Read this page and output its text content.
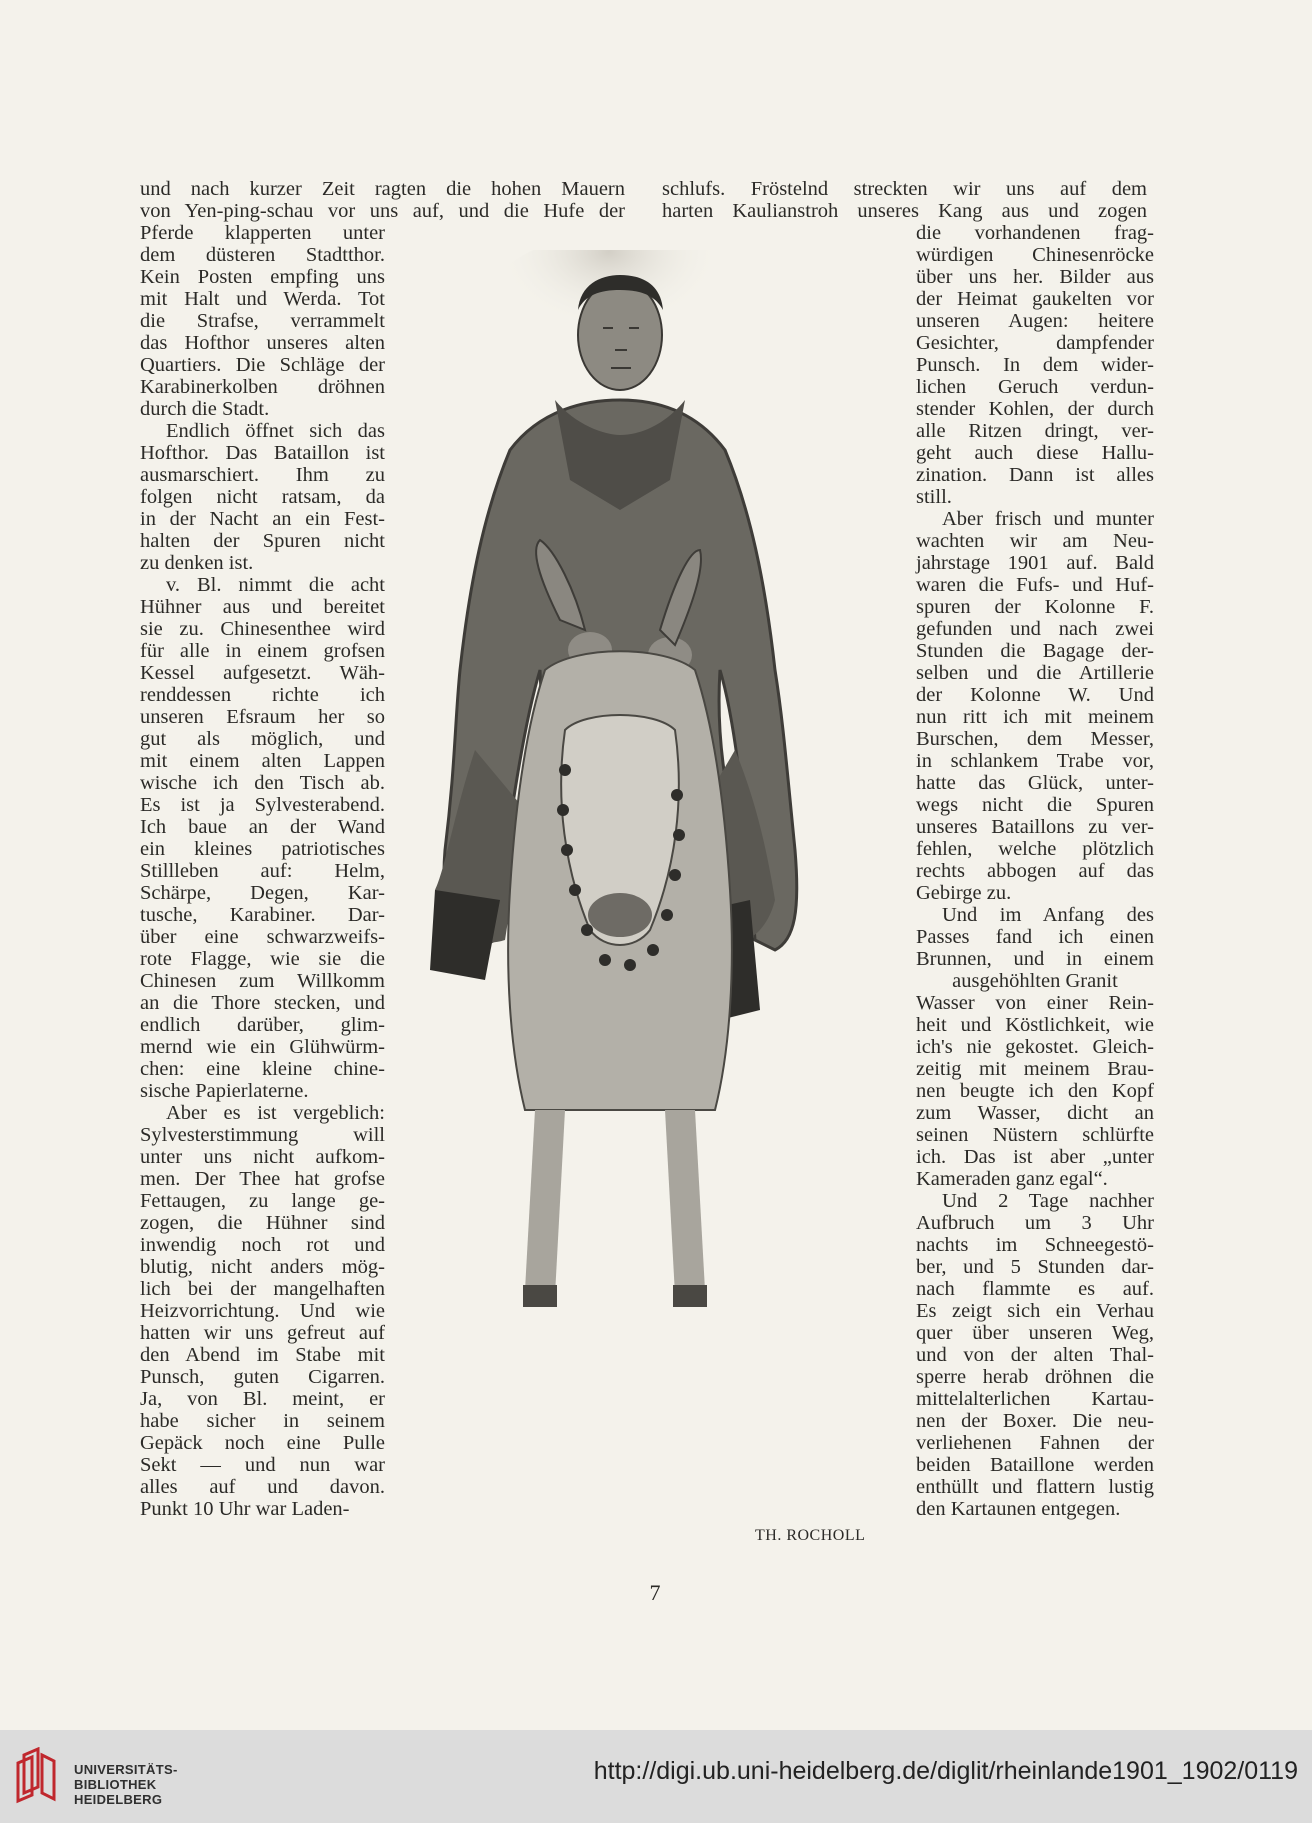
und nach kurzer Zeit ragten die hohen Mauern
von Yen-ping-schau vor uns auf, und die Hufe der
Pferde klapperten unter
dem düsteren Stadtthor.
Kein Posten empfing uns
mit Halt und Werda. Tot
die Strafse, verrammelt
das Hofthor unseres alten
Quartiers. Die Schläge der
Karabinerkolben dröhnen
durch die Stadt.
Endlich öffnet sich das
Hofthor. Das Bataillon ist
ausmarschiert. Ihm zu
folgen nicht ratsam, da
in der Nacht an ein Fest-
halten der Spuren nicht
zu denken ist.
v. Bl. nimmt die acht
Hühner aus und bereitet
sie zu. Chinesenthee wird
für alle in einem grofsen
Kessel aufgesetzt. Wäh-
renddessen richte ich
unseren Efsraum her so
gut als möglich, und
mit einem alten Lappen
wische ich den Tisch ab.
Es ist ja Sylvesterabend.
Ich baue an der Wand
ein kleines patriotisches
Stillleben auf: Helm,
Schärpe, Degen, Kar-
tusche, Karabiner. Dar-
über eine schwarzweifs-
rote Flagge, wie sie die
Chinesen zum Willkomm
an die Thore stecken, und
endlich darüber, glim-
mernd wie ein Glühwürm-
chen: eine kleine chine-
sische Papierlaterne.
Aber es ist vergeblich:
Sylvesterstimmung will
unter uns nicht aufkom-
men. Der Thee hat grofse
Fettaugen, zu lange ge-
zogen, die Hühner sind
inwendig noch rot und
blutig, nicht anders mög-
lich bei der mangelhaften
Heizvorrichtung. Und wie
hatten wir uns gefreut auf
den Abend im Stabe mit
Punsch, guten Cigarren.
Ja, von Bl. meint, er
habe sicher in seinem
Gepäck noch eine Pulle
Sekt — und nun war
alles auf und davon.
Punkt 10 Uhr war Laden-
schlufs. Fröstelnd streckten wir uns auf dem
harten Kaulianstroh unseres Kang aus und zogen
die vorhandenen frag-
würdigen Chinesenröcke
über uns her. Bilder aus
der Heimat gaukelten vor
unseren Augen: heitere
Gesichter, dampfender
Punsch. In dem wider-
lichen Geruch verdun-
stender Kohlen, der durch
alle Ritzen dringt, ver-
geht auch diese Hallu-
zination. Dann ist alles
still.
Aber frisch und munter
wachten wir am Neu-
jahrstage 1901 auf. Bald
waren die Fufs- und Huf-
spuren der Kolonne F.
gefunden und nach zwei
Stunden die Bagage der-
selben und die Artillerie
der Kolonne W. Und
nun ritt ich mit meinem
Burschen, dem Messer,
in schlankem Trabe vor,
hatte das Glück, unter-
wegs nicht die Spuren
unseres Bataillons zu ver-
fehlen, welche plötzlich
rechts abbogen auf das
Gebirge zu.
Und im Anfang des
Passes fand ich einen
Brunnen, und in einem
ausgehöhlten Granit
Wasser von einer Rein-
heit und Köstlichkeit, wie
ich's nie gekostet. Gleich-
zeitig mit meinem Brau-
nen beugte ich den Kopf
zum Wasser, dicht an
seinen Nüstern schlürfte
ich. Das ist aber „unter
Kameraden ganz egal“.
Und 2 Tage nachher
Aufbruch um 3 Uhr
nachts im Schneegestö-
ber, und 5 Stunden dar-
nach flammte es auf.
Es zeigt sich ein Verhau
quer über unseren Weg,
und von der alten Thal-
sperre herab dröhnen die
mittelalterlichen Kartau-
nen der Boxer. Die neu-
verliehenen Fahnen der
beiden Bataillone werden
enthüllt und flattern lustig
den Kartaunen entgegen.
TH. ROCHOLL
7
UNIVERSITÄTS-
BIBLIOTHEK
HEIDELBERG
http://digi.ub.uni-heidelberg.de/diglit/rheinlande1901_1902/0119
